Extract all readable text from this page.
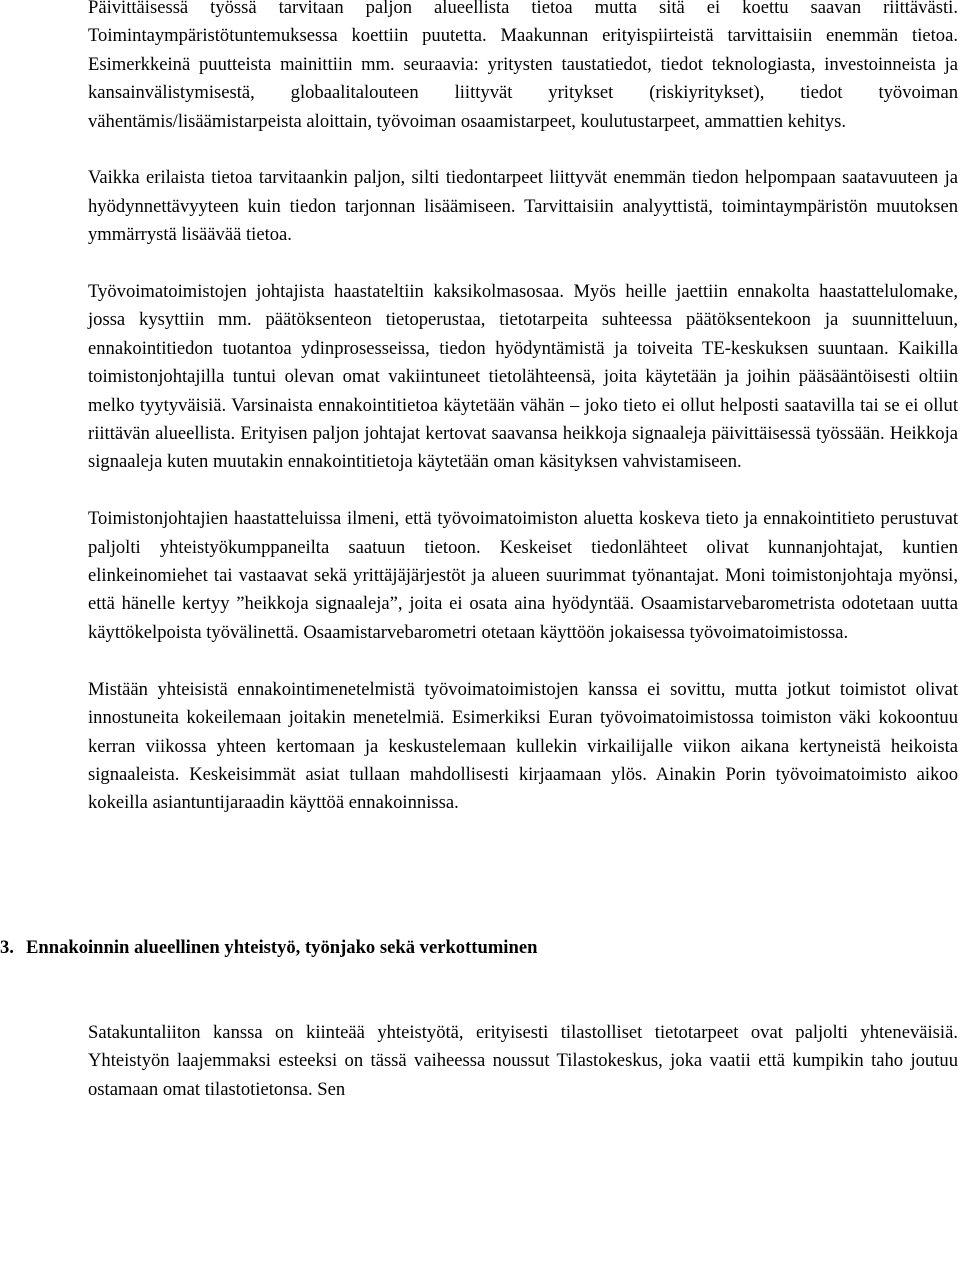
Päivittäisessä työssä tarvitaan paljon alueellista tietoa mutta sitä ei koettu saavan riittävästi. Toimintaympäristötuntemuksessa koettiin puutetta. Maakunnan erityispiirteistä tarvittaisiin enemmän tietoa. Esimerkkeinä puutteista mainittiin mm. seuraavia: yritysten taustatiedot, tiedot teknologiasta, investoinneista ja kansainvälistymisestä, globaalitalouteen liittyvät yritykset (riskiyritykset), tiedot työvoiman vähentämis/lisäämistarpeista aloittain, työvoiman osaamistarpeet, koulutustarpeet, ammattien kehitys.

Vaikka erilaista tietoa tarvitaankin paljon, silti tiedontarpeet liittyvät enemmän tiedon helpompaan saatavuuteen ja hyödynnettävyyteen kuin tiedon tarjonnan lisäämiseen. Tarvittaisiin analyyttistä, toimintaympäristön muutoksen ymmärrystä lisäävää tietoa.

Työvoimatoimistojen johtajista haastateltiin kaksikolmasosaa. Myös heille jaettiin ennakolta haastattelulomake, jossa kysyttiin mm. päätöksenteon tietoperustaa, tietotarpeita suhteessa päätöksentekoon ja suunnitteluun, ennakointitiedon tuotantoa ydinprosesseissa, tiedon hyödyntämistä ja toiveita TE-keskuksen suuntaan. Kaikilla toimistonjohtajilla tuntui olevan omat vakiintuneet tietolähteensä, joita käytetään ja joihin pääsääntöisesti oltiin melko tyytyväisiä. Varsinaista ennakointitietoa käytetään vähän – joko tieto ei ollut helposti saatavilla tai se ei ollut riittävän alueellista. Erityisen paljon johtajat kertovat saavansa heikkoja signaaleja päivittäisessä työssään. Heikkoja signaaleja kuten muutakin ennakointitietoja käytetään oman käsityksen vahvistamiseen.

Toimistonjohtajien haastatteluissa ilmeni, että työvoimatoimiston aluetta koskeva tieto ja ennakointitieto perustuvat paljolti yhteistyökumppaneilta saatuun tietoon. Keskeiset tiedonlähteet olivat kunnanjohtajat, kuntien elinkeinomiehet tai vastaavat sekä yrittäjäjärjestöt ja alueen suurimmat työnantajat. Moni toimistonjohtaja myönsi, että hänelle kertyy ”heikkoja signaaleja”, joita ei osata aina hyödyntää. Osaamistarvebarometrista odotetaan uutta käyttökelpoista työvälinettä. Osaamistarvebarometri otetaan käyttöön jokaisessa työvoimatoimistossa.

Mistään yhteisistä ennakointimenetelmistä työvoimatoimistojen kanssa ei sovittu, mutta jotkut toimistot olivat innostuneita kokeilemaan joitakin menetelmiä. Esimerkiksi Euran työvoimatoimistossa toimiston väki kokoontuu kerran viikossa yhteen kertomaan ja keskustelemaan kullekin virkailijalle viikon aikana kertyneistä heikoista signaaleista. Keskeisimmät asiat tullaan mahdollisesti kirjaamaan ylös. Ainakin Porin työvoimatoimisto aikoo kokeilla asiantuntijaraadin käyttöä ennakoinnissa.

3. Ennakoinnin alueellinen yhteistyö, työnjako sekä verkottuminen

Satakuntaliiton kanssa on kiinteää yhteistyötä, erityisesti tilastolliset tietotarpeet ovat paljolti yhteneväisiä. Yhteistyön laajemmaksi esteeksi on tässä vaiheessa noussut Tilastokeskus, joka vaatii että kumpikin taho joutuu ostamaan omat tilastotietonsa. Sen
